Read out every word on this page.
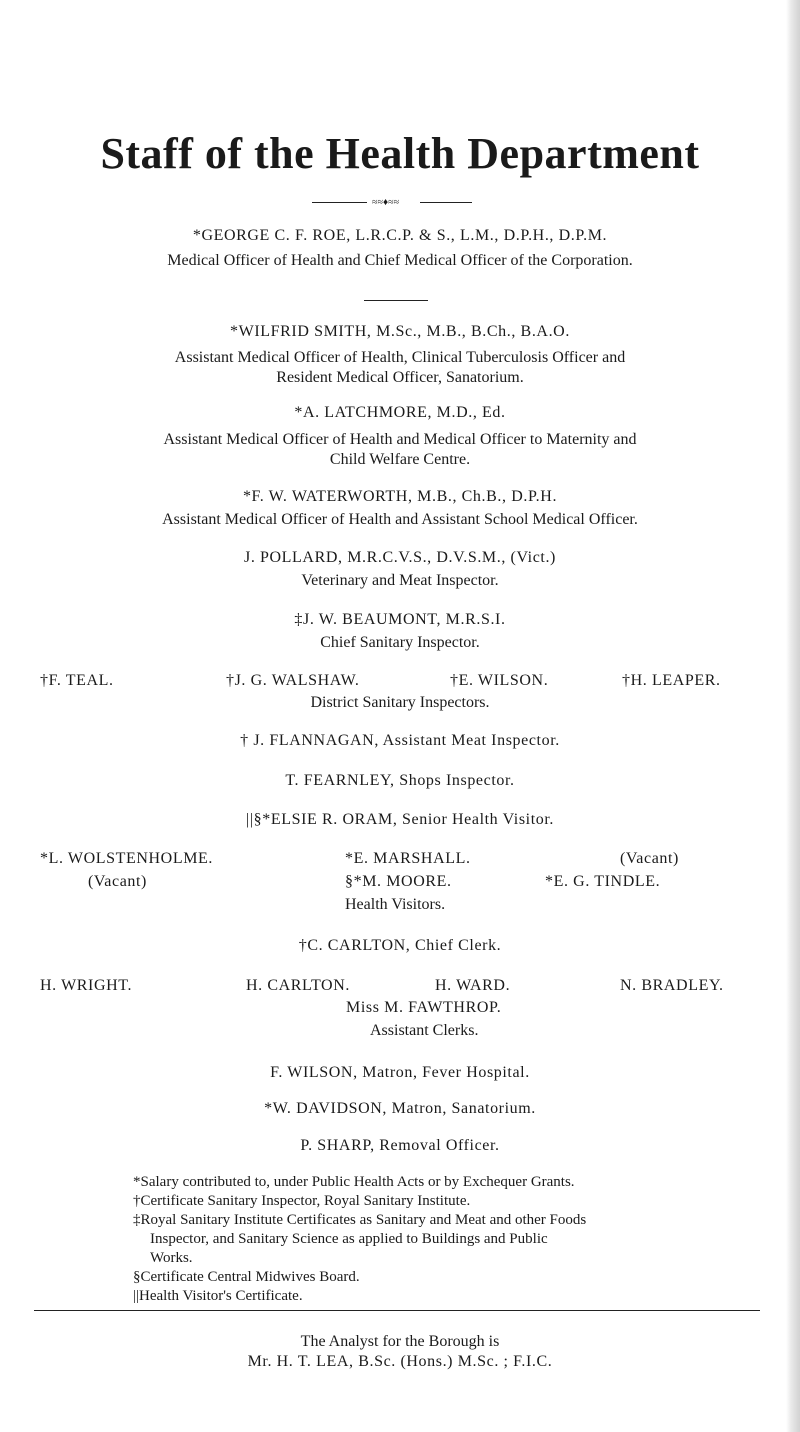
Staff of the Health Department
≈≈♦≈≈
*GEORGE C. F. ROE, L.R.C.P. & S., L.M., D.P.H., D.P.M.
Medical Officer of Health and Chief Medical Officer of the Corporation.
*WILFRID SMITH, M.Sc., M.B., B.Ch., B.A.O.
Assistant Medical Officer of Health, Clinical Tuberculosis Officer and
Resident Medical Officer, Sanatorium.
*A. LATCHMORE, M.D., Ed.
Assistant Medical Officer of Health and Medical Officer to Maternity and
Child Welfare Centre.
*F. W. WATERWORTH, M.B., Ch.B., D.P.H.
Assistant Medical Officer of Health and Assistant School Medical Officer.
J. POLLARD, M.R.C.V.S., D.V.S.M., (Vict.)
Veterinary and Meat Inspector.
‡J. W. BEAUMONT, M.R.S.I.
Chief Sanitary Inspector.
†F. TEAL.	†J. G. WALSHAW.	†E. WILSON.	†H. LEAPER.
District Sanitary Inspectors.
† J. FLANNAGAN, Assistant Meat Inspector.
T. FEARNLEY, Shops Inspector.
||§*ELSIE R. ORAM, Senior Health Visitor.
*L. WOLSTENHOLME.	*E. MARSHALL.	(Vacant)
(Vacant)	§*M. MOORE.	*E. G. TINDLE.
Health Visitors.
†C. CARLTON, Chief Clerk.
H. WRIGHT.	H. CARLTON.	H. WARD.	N. BRADLEY.
Miss M. FAWTHROP.
Assistant Clerks.
F. WILSON, Matron, Fever Hospital.
*W. DAVIDSON, Matron, Sanatorium.
P. SHARP, Removal Officer.
*Salary contributed to, under Public Health Acts or by Exchequer Grants.
†Certificate Sanitary Inspector, Royal Sanitary Institute.
‡Royal Sanitary Institute Certificates as Sanitary and Meat and other Foods
Inspector, and Sanitary Science as applied to Buildings and Public
Works.
§Certificate Central Midwives Board.
||Health Visitor's Certificate.
The Analyst for the Borough is
Mr. H. T. LEA, B.Sc. (Hons.) M.Sc. ; F.I.C.
